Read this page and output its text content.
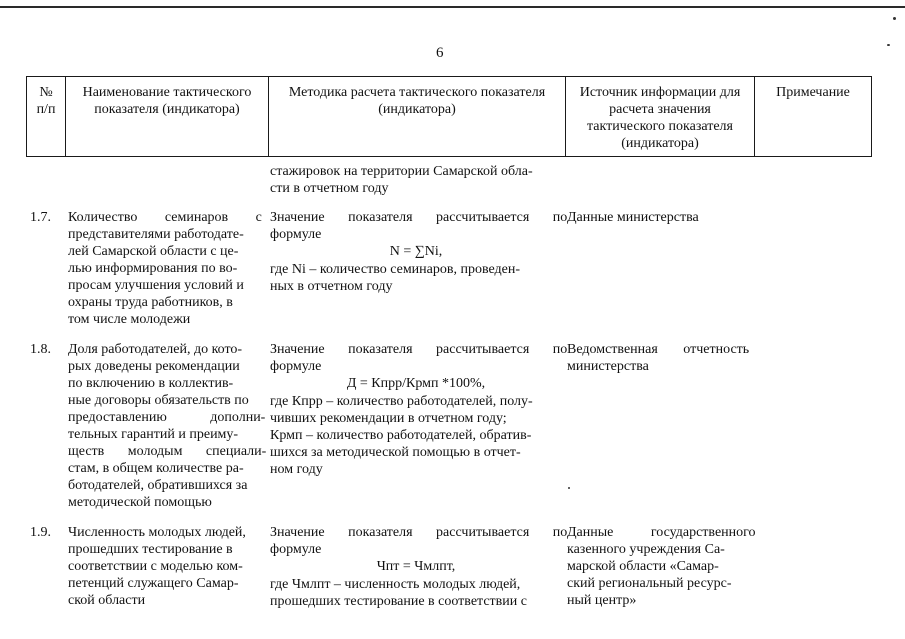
6
№
п/п
Наименование тактического
показателя (индикатора)
Методика расчета тактического показателя
(индикатора)
Источник информации для
расчета значения
тактического показателя
(индикатора)
Примечание
стажировок на территории Самарской обла-
сти в отчетном году
1.7. Количество семинаров с
представителями работодате-
лей Самарской области с це-
лью информирования по во-
просам улучшения условий и
охраны труда работников, в
том числе молодежи
Значение показателя рассчитывается по
формуле
N = ∑Ni,
где Ni – количество семинаров, проведен-
ных в отчетном году
Данные министерства
1.8. Доля работодателей, до кото-
рых доведены рекомендации
по включению в коллектив-
ные договоры обязательств по
предоставлению дополни-
тельных гарантий и преиму-
ществ молодым специали-
стам, в общем количестве ра-
ботодателей, обратившихся за
методической помощью
Значение показателя рассчитывается по
формуле
Д = Кпрр/Крмп *100%,
где Кпрр – количество работодателей, полу-
чивших рекомендации в отчетном году;
Крмп – количество работодателей, обратив-
шихся за методической помощью в отчет-
ном году
Ведомственная отчетность
министерства
1.9. Численность молодых людей,
прошедших тестирование в
соответствии с моделью ком-
петенций служащего Самар-
ской области
Значение показателя рассчитывается по
формуле
Чпт = Чмлпт,
где Чмлпт – численность молодых людей,
прошедших тестирование в соответствии с
Данные государственного
казенного учреждения Са-
марской области «Самар-
ский региональный ресурс-
ный центр»
